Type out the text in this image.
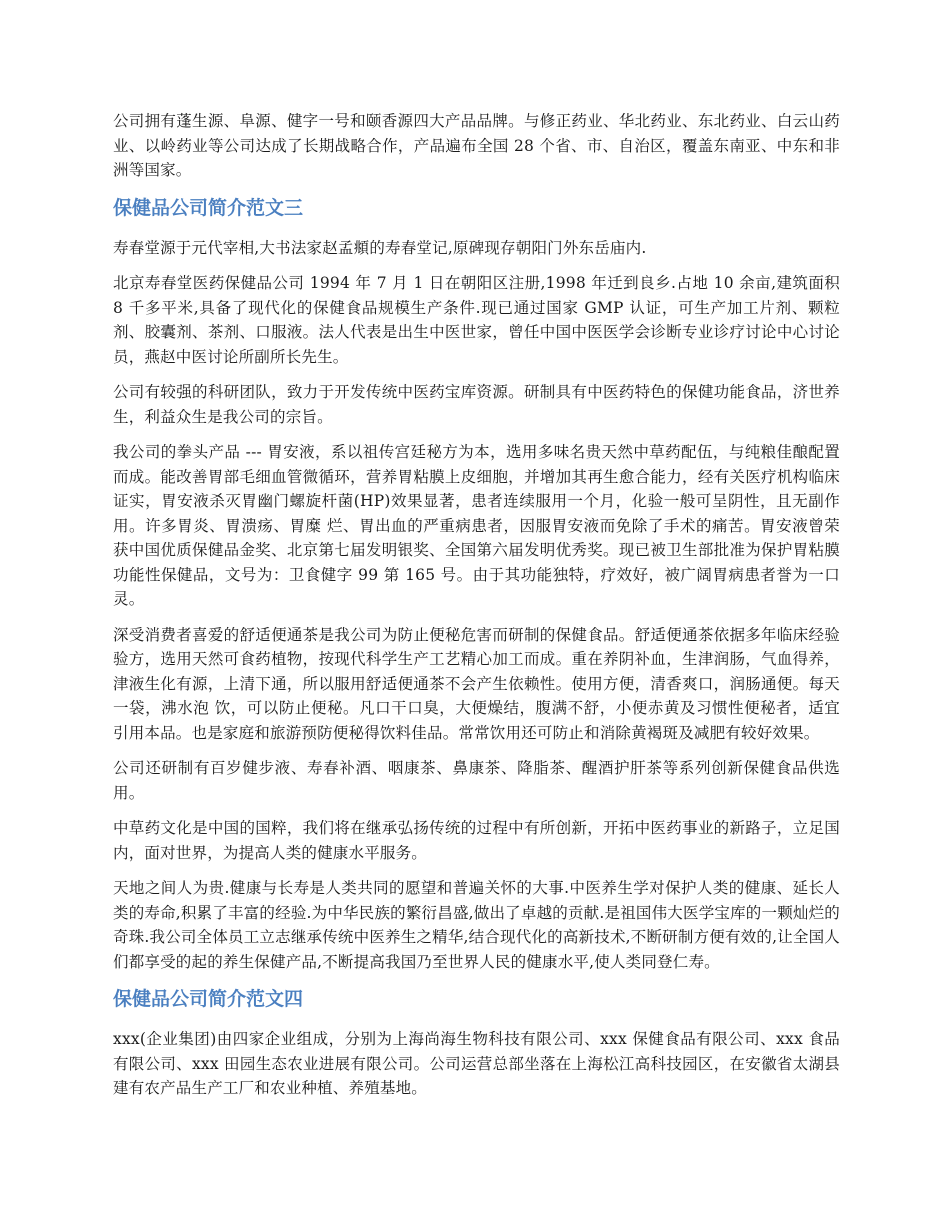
公司拥有蓬生源、阜源、健字一号和颐香源四大产品品牌。与修正药业、华北药业、东北药业、白云山药业、以岭药业等公司达成了长期战略合作，产品遍布全国 28 个省、市、自治区，覆盖东南亚、中东和非洲等国家。

保健品公司简介范文三

寿春堂源于元代宰相,大书法家赵孟頫的寿春堂记,原碑现存朝阳门外东岳庙内.

北京寿春堂医药保健品公司 1994 年 7 月 1 日在朝阳区注册,1998 年迁到良乡.占地 10 余亩,建筑面积 8 千多平米,具备了现代化的保健食品规模生产条件.现已通过国家 GMP 认证，可生产加工片剂、颗粒剂、胶囊剂、茶剂、口服液。法人代表是出生中医世家，曾任中国中医医学会诊断专业诊疗讨论中心讨论员，燕赵中医讨论所副所长先生。

公司有较强的科研团队，致力于开发传统中医药宝库资源。研制具有中医药特色的保健功能食品，济世养生，利益众生是我公司的宗旨。

我公司的拳头产品 --- 胃安液，系以祖传宫廷秘方为本，选用多味名贵天然中草药配伍，与纯粮佳酿配置而成。能改善胃部毛细血管微循环，营养胃粘膜上皮细胞，并增加其再生愈合能力，经有关医疗机构临床证实，胃安液杀灭胃幽门螺旋杆菌(HP)效果显著，患者连续服用一个月，化验一般可呈阴性，且无副作用。许多胃炎、胃溃疡、胃糜 烂、胃出血的严重病患者，因服胃安液而免除了手术的痛苦。胃安液曾荣获中国优质保健品金奖、北京第七届发明银奖、全国第六届发明优秀奖。现已被卫生部批准为保护胃粘膜功能性保健品，文号为：卫食健字 99 第 165 号。由于其功能独特，疗效好，被广阔胃病患者誉为一口灵。

深受消费者喜爱的舒适便通茶是我公司为防止便秘危害而研制的保健食品。舒适便通茶依据多年临床经验验方，选用天然可食药植物，按现代科学生产工艺精心加工而成。重在养阴补血，生津润肠，气血得养，津液生化有源，上清下通，所以服用舒适便通茶不会产生依赖性。使用方便，清香爽口，润肠通便。每天一袋，沸水泡 饮，可以防止便秘。凡口干口臭，大便燥结，腹满不舒，小便赤黄及习惯性便秘者，适宜引用本品。也是家庭和旅游预防便秘得饮料佳品。常常饮用还可防止和消除黄褐斑及减肥有较好效果。

公司还研制有百岁健步液、寿春补酒、咽康茶、鼻康茶、降脂茶、醒酒护肝茶等系列创新保健食品供选用。

中草药文化是中国的国粹，我们将在继承弘扬传统的过程中有所创新，开拓中医药事业的新路子，立足国内，面对世界，为提高人类的健康水平服务。

天地之间人为贵.健康与长寿是人类共同的愿望和普遍关怀的大事.中医养生学对保护人类的健康、延长人类的寿命,积累了丰富的经验.为中华民族的繁衍昌盛,做出了卓越的贡献.是祖国伟大医学宝库的一颗灿烂的奇珠.我公司全体员工立志继承传统中医养生之精华,结合现代化的高新技术,不断研制方便有效的,让全国人们都享受的起的养生保健产品,不断提高我国乃至世界人民的健康水平,使人类同登仁寿。

保健品公司简介范文四

xxx(企业集团)由四家企业组成，分别为上海尚海生物科技有限公司、xxx 保健食品有限公司、xxx 食品有限公司、xxx 田园生态农业进展有限公司。公司运营总部坐落在上海松江高科技园区，在安徽省太湖县建有农产品生产工厂和农业种植、养殖基地。
